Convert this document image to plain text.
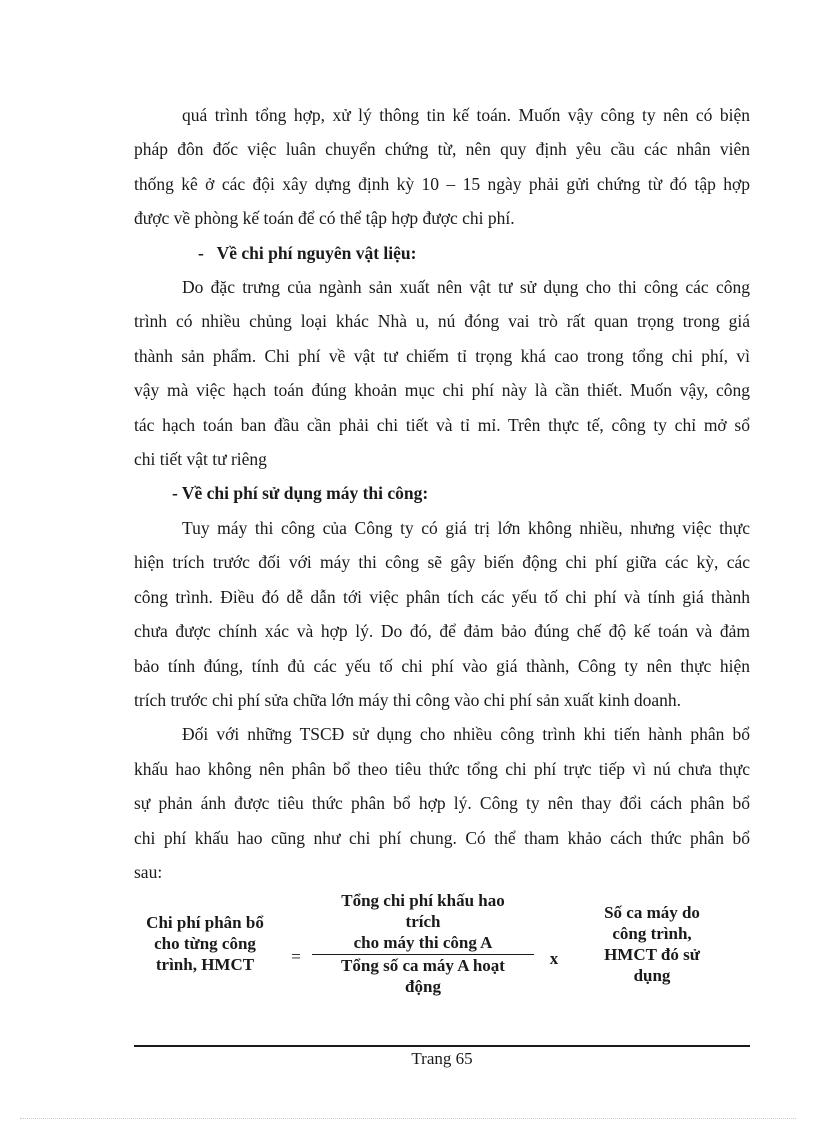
quá trình tổng hợp, xử lý thông tin kế toán. Muốn vậy công ty nên có biện
pháp đôn đốc việc luân chuyển chứng từ, nên quy định yêu cầu các nhân viên
thống kê ở các đội xây dựng định kỳ 10 – 15 ngày phải gửi chứng từ đó tập hợp
được về phòng kế toán để có thể tập hợp được chi phí.

-   Về chi phí nguyên vật liệu:

Do đặc trưng của ngành sản xuất nên vật tư sử dụng cho thi công các công
trình có nhiều chủng loại khác Nhà u, nú đóng vai trò rất quan trọng trong giá
thành sản phẩm. Chi phí về vật tư chiếm tỉ trọng khá cao trong tổng chi phí, vì
vậy mà việc hạch toán đúng khoản mục chi phí này là cần thiết. Muốn vậy, công
tác hạch toán ban đầu cần phải chi tiết và tỉ mỉ. Trên thực tế, công ty chỉ mở sổ
chi tiết vật tư riêng

- Về chi phí sử dụng máy thi công:

Tuy máy thi công của Công ty có giá trị lớn không nhiều, nhưng việc thực
hiện trích trước đối với máy thi công sẽ gây biến động chi phí giữa các kỳ, các
công trình. Điều đó dễ dẫn tới việc phân tích các yếu tố chi phí và tính giá thành
chưa được chính xác và hợp lý. Do đó, để đảm bảo đúng chế độ kế toán và đảm
bảo tính đúng, tính đủ các yếu tố chi phí vào giá thành, Công ty nên thực hiện
trích trước chi phí sửa chữa lớn máy thi công vào chi phí sản xuất kinh doanh.

Đối với những TSCĐ sử dụng cho nhiều công trình khi tiến hành phân bổ
khấu hao không nên phân bổ theo tiêu thức tổng chi phí trực tiếp vì nú chưa thực
sự phản ánh được tiêu thức phân bổ hợp lý. Công ty nên thay đổi cách phân bổ
chi phí khấu hao cũng như chi phí chung. Có thể tham khảo cách thức phân bổ
sau:

Chi phí phân bổ
cho từng công
trình, HMCT	=
Tổng chi phí khấu hao
trích
cho máy thi công A
Tổng số ca máy A hoạt
động
x
Số ca máy do
công trình,
HMCT đó sử
dụng
Trang 65
